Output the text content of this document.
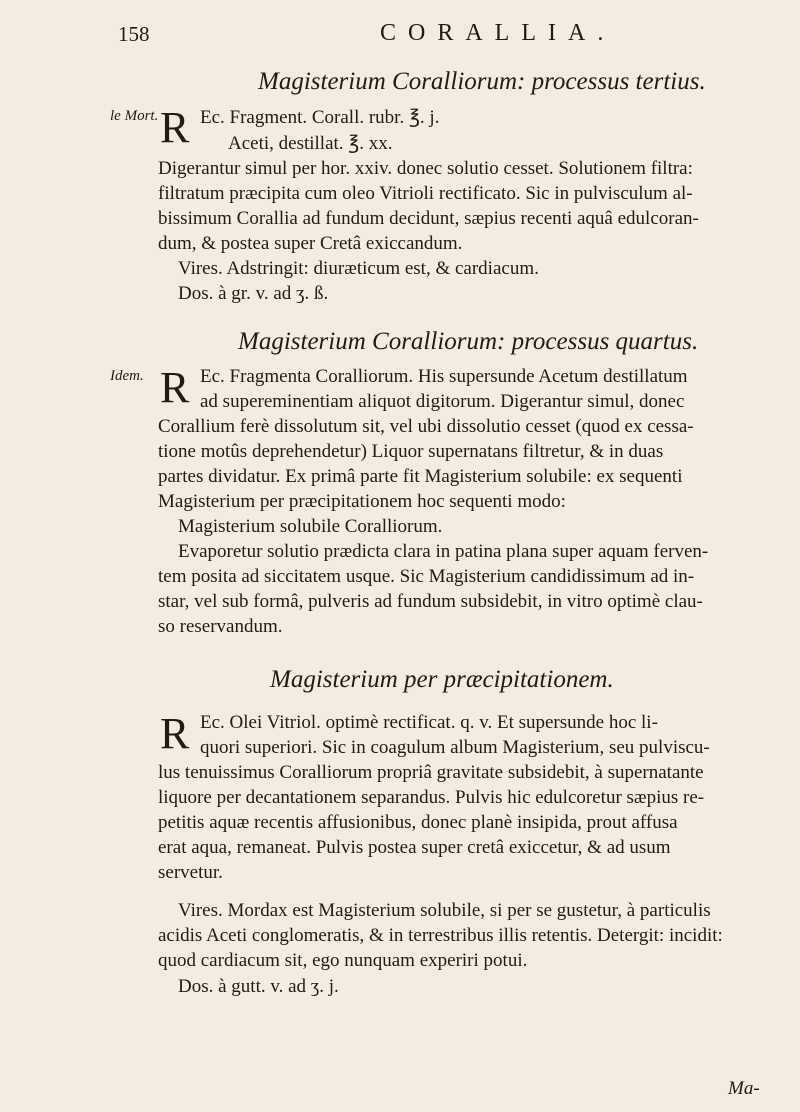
158	CORALLIA.
Magisterium Coralliorum: processus tertius.
le Mort. R Ec. Fragment. Corall. rubr. ℥. j.
Aceti, destillat. ℥. xx.
Digerantur simul per hor. xxiv. donec solutio cesset. Solutionem filtra:
filtratum præcipita cum oleo Vitrioli rectificato. Sic in pulvisculum al-
bissimum Corallia ad fundum decidunt, sæpius recenti aquâ edulcoran-
dum, & postea super Cretâ exiccandum.
Vires. Adstringit: diuræticum est, & cardiacum.
Dos. à gr. v. ad ʒ. ß.
Magisterium Coralliorum: processus quartus.
Idem. R Ec. Fragmenta Coralliorum. His supersunde Acetum destillatum
ad supereminentiam aliquot digitorum. Digerantur simul, donec
Corallium ferè dissolutum sit, vel ubi dissolutio cesset (quod ex cessa-
tione motûs deprehendetur) Liquor supernatans filtretur, & in duas
partes dividatur. Ex primâ parte fit Magisterium solubile: ex sequenti
Magisterium per præcipitationem hoc sequenti modo:
Magisterium solubile Coralliorum.
Evaporetur solutio prædicta clara in patina plana super aquam ferven-
tem posita ad siccitatem usque. Sic Magisterium candidissimum ad in-
star, vel sub formâ, pulveris ad fundum subsidebit, in vitro optimè clau-
so reservandum.
Magisterium per præcipitationem.
R Ec. Olei Vitriol. optimè rectificat. q. v. Et supersunde hoc li-
quori superiori. Sic in coagulum album Magisterium, seu pulviscu-
lus tenuissimus Coralliorum propriâ gravitate subsidebit, à supernatante
liquore per decantationem separandus. Pulvis hic edulcoretur sæpius re-
petitis aquæ recentis affusionibus, donec planè insipida, prout affusa
erat aqua, remaneat. Pulvis postea super cretâ exiccetur, & ad usum
servetur.
Vires. Mordax est Magisterium solubile, si per se gustetur, à particulis
acidis Aceti conglomeratis, & in terrestribus illis retentis. Detergit: incidit:
quod cardiacum sit, ego nunquam experiri potui.
Dos. à gutt. v. ad ʒ. j.
Ma-
